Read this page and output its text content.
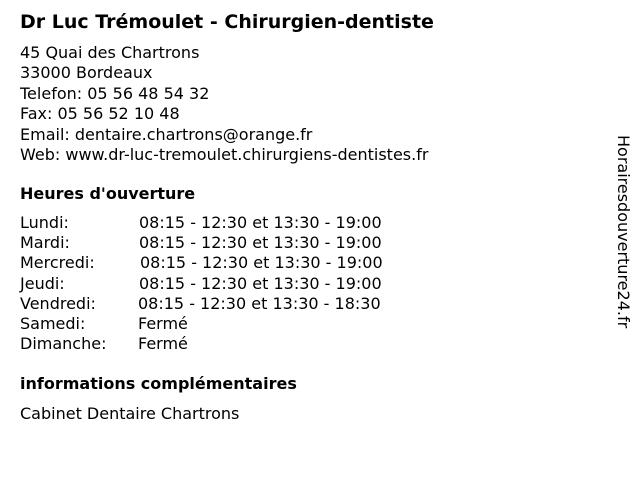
Dr Luc Trémoulet - Chirurgien-dentiste
45 Quai des Chartrons
33000 Bordeaux
Telefon: 05 56 48 54 32
Fax: 05 56 52 10 48
Email: dentaire.chartrons@orange.fr
Web: www.dr-luc-tremoulet.chirurgiens-dentistes.fr
Heures d'ouverture
Lundi:	08:15 - 12:30 et 13:30 - 19:00
Mardi:	08:15 - 12:30 et 13:30 - 19:00
Mercredi:	08:15 - 12:30 et 13:30 - 19:00
Jeudi:	08:15 - 12:30 et 13:30 - 19:00
Vendredi:	08:15 - 12:30 et 13:30 - 18:30
Samedi:	Fermé
Dimanche: Fermé
informations complémentaires
Cabinet Dentaire Chartrons
Horairesdouverture24.fr
